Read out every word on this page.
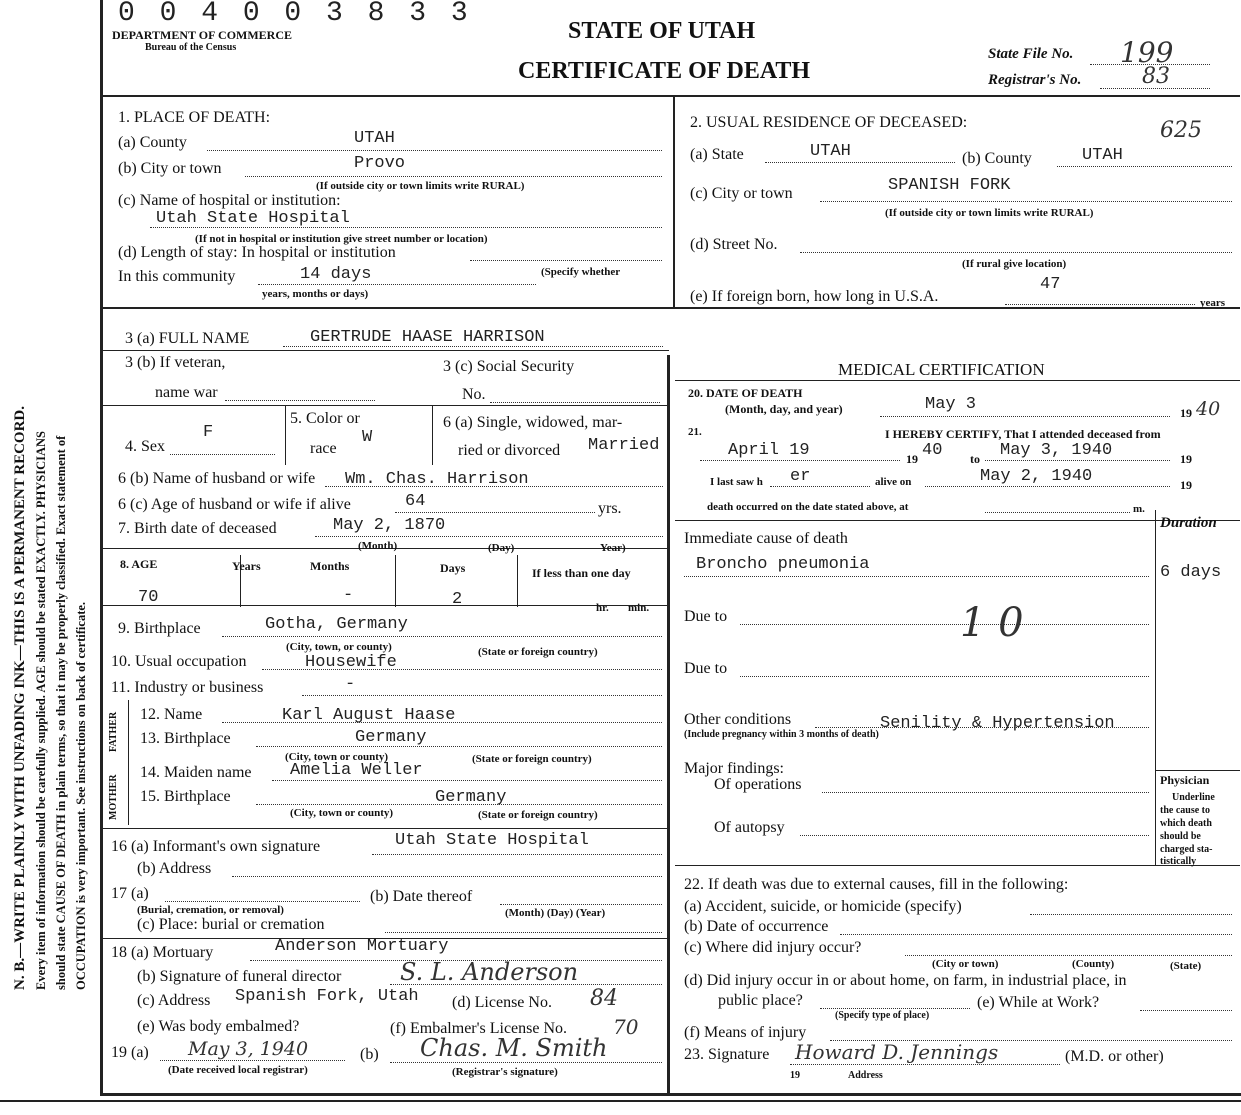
N. B.—WRITE PLAINLY WITH UNFADING INK—THIS IS A PERMANENT RECORD. Every item of information should be carefully supplied. AGE should be stated EXACTLY. PHYSICIANS should state CAUSE OF DEATH in plain terms, so that it may be properly classified. Exact statement of OCCUPATION is very important. See instructions on back of certificate.
0 0 4 0 0 3 8 3 3
DEPARTMENT OF COMMERCE
Bureau of the Census
STATE OF UTAH
CERTIFICATE OF DEATH
State File No. 199
Registrar's No.	83
1. PLACE OF DEATH:
(a) County	UTAH
(b) City or town	Provo
(If outside city or town limits write RURAL)
(c) Name of hospital or institution:
Utah State Hospital
(If not in hospital or institution give street number or location)
(d) Length of stay: In hospital or institution
In this community	14 days	(Specify whether
years, months or days)
2. USUAL RESIDENCE OF DECEASED:	625
(a) State	UTAH	(b) County	UTAH
(c) City or town	SPANISH FORK
(If outside city or town limits write RURAL)
(d) Street No.
(If rural give location)
(e) If foreign born, how long in U.S.A.
47
years
3 (a) FULL NAME	GERTRUDE HAASE HARRISON
3 (b) If veteran,
name war
3 (c) Social Security
No.
4. Sex
F
5. Color or
race
W
6 (a) Single, widowed, mar-
ried or divorced Married
6 (b) Name of husband or wife Wm. Chas. Harrison
6 (c) Age of husband or wife if alive	64	yrs.
7. Birth date of deceased	May 2, 1870
(Month)	(Day)	Year)
8. AGE	Years	Months	Days	If less than one day
70	-	2	hr. min.
9. Birthplace	Gotha, Germany
(City, town, or county)	(State or foreign country)
10. Usual occupation	Housewife
11. Industry or business	-
FATHER
MOTHER
12. Name	Karl August Haase
13. Birthplace	Germany
(City, town or county)	(State or foreign country)
14. Maiden name Amelia Weller
15. Birthplace	Germany
(City, town or county)	(State or foreign country)
16 (a) Informant's own signature	Utah State Hospital
(b) Address
17 (a)
(Burial, cremation, or removal)
(b) Date thereof
(Month) (Day) (Year)
(c) Place: burial or cremation
18 (a) Mortuary	Anderson Mortuary
(b) Signature of funeral director S. L. Anderson
(c) Address Spanish Fork, Utah (d) License No. 84
(e) Was body embalmed?	(f) Embalmer's License No. 70
19 (a) May 3, 1940	(b) Chas. M. Smith
(Date received local registrar)	(Registrar's signature)
MEDICAL CERTIFICATION
20. DATE OF DEATH
(Month, day, and year)	May 3	19 40
21.	I HEREBY CERTIFY, That I attended deceased from
April 19	19 40 to May 3, 1940	19
I last saw h er	alive on	May 2, 1940	19
death occurred on the date stated above, at	m.
Duration
Immediate cause of death
Broncho pneumonia	6 days
Due to	1 0
Due to
Other conditions	Senility & Hypertension
(Include pregnancy within 3 months of death)
Major findings:
Of operations
Of autopsy
Physician
Underline
the cause to
which death
should be
charged sta-
tistically
22. If death was due to external causes, fill in the following:
(a) Accident, suicide, or homicide (specify)
(b) Date of occurrence
(c) Where did injury occur?
(City or town)	(County)	(State)
(d) Did injury occur in or about home, on farm, in industrial place, in
public place?	(e) While at Work?
(Specify type of place)
(f) Means of injury
23. Signature Howard D. Jennings	(M.D. or other)
19	Address
